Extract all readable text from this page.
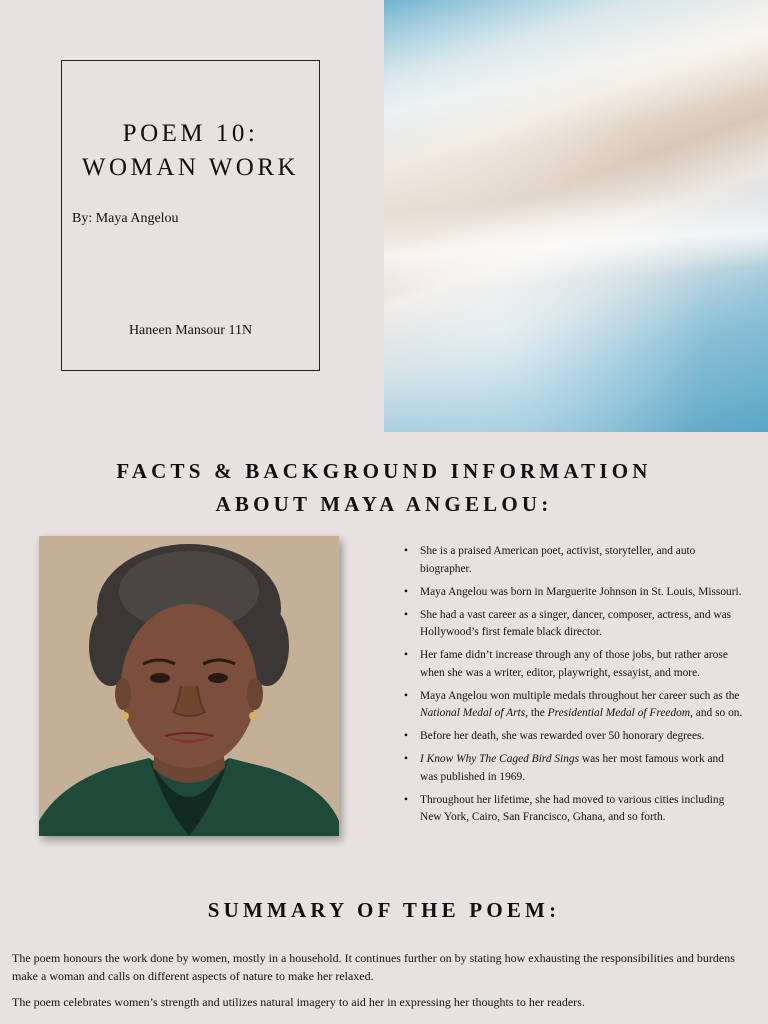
POEM 10:
WOMAN WORK
By: Maya Angelou
Haneen Mansour 11N
FACTS & BACKGROUND INFORMATION
ABOUT MAYA ANGELOU:
• She is a praised American poet, activist, storyteller, and auto biographer.
• Maya Angelou was born in Marguerite Johnson in St. Louis, Missouri.
• She had a vast career as a singer, dancer, composer, actress, and was Hollywood’s first female black director.
• Her fame didn’t increase through any of those jobs, but rather arose when she was a writer, editor, playwright, essayist, and more.
• Maya Angelou won multiple medals throughout her career such as the National Medal of Arts, the Presidential Medal of Freedom, and so on.
• Before her death, she was rewarded over 50 honorary degrees.
• I Know Why The Caged Bird Sings was her most famous work and was published in 1969.
• Throughout her lifetime, she had moved to various cities including New York, Cairo, San Francisco, Ghana, and so forth.
SUMMARY OF THE POEM:

The poem honours the work done by women, mostly in a household. It continues further on by stating how exhausting the responsibilities and burdens make a woman and calls on different aspects of nature to make her relaxed.

The poem celebrates women’s strength and utilizes natural imagery to aid her in expressing her thoughts to her readers.
